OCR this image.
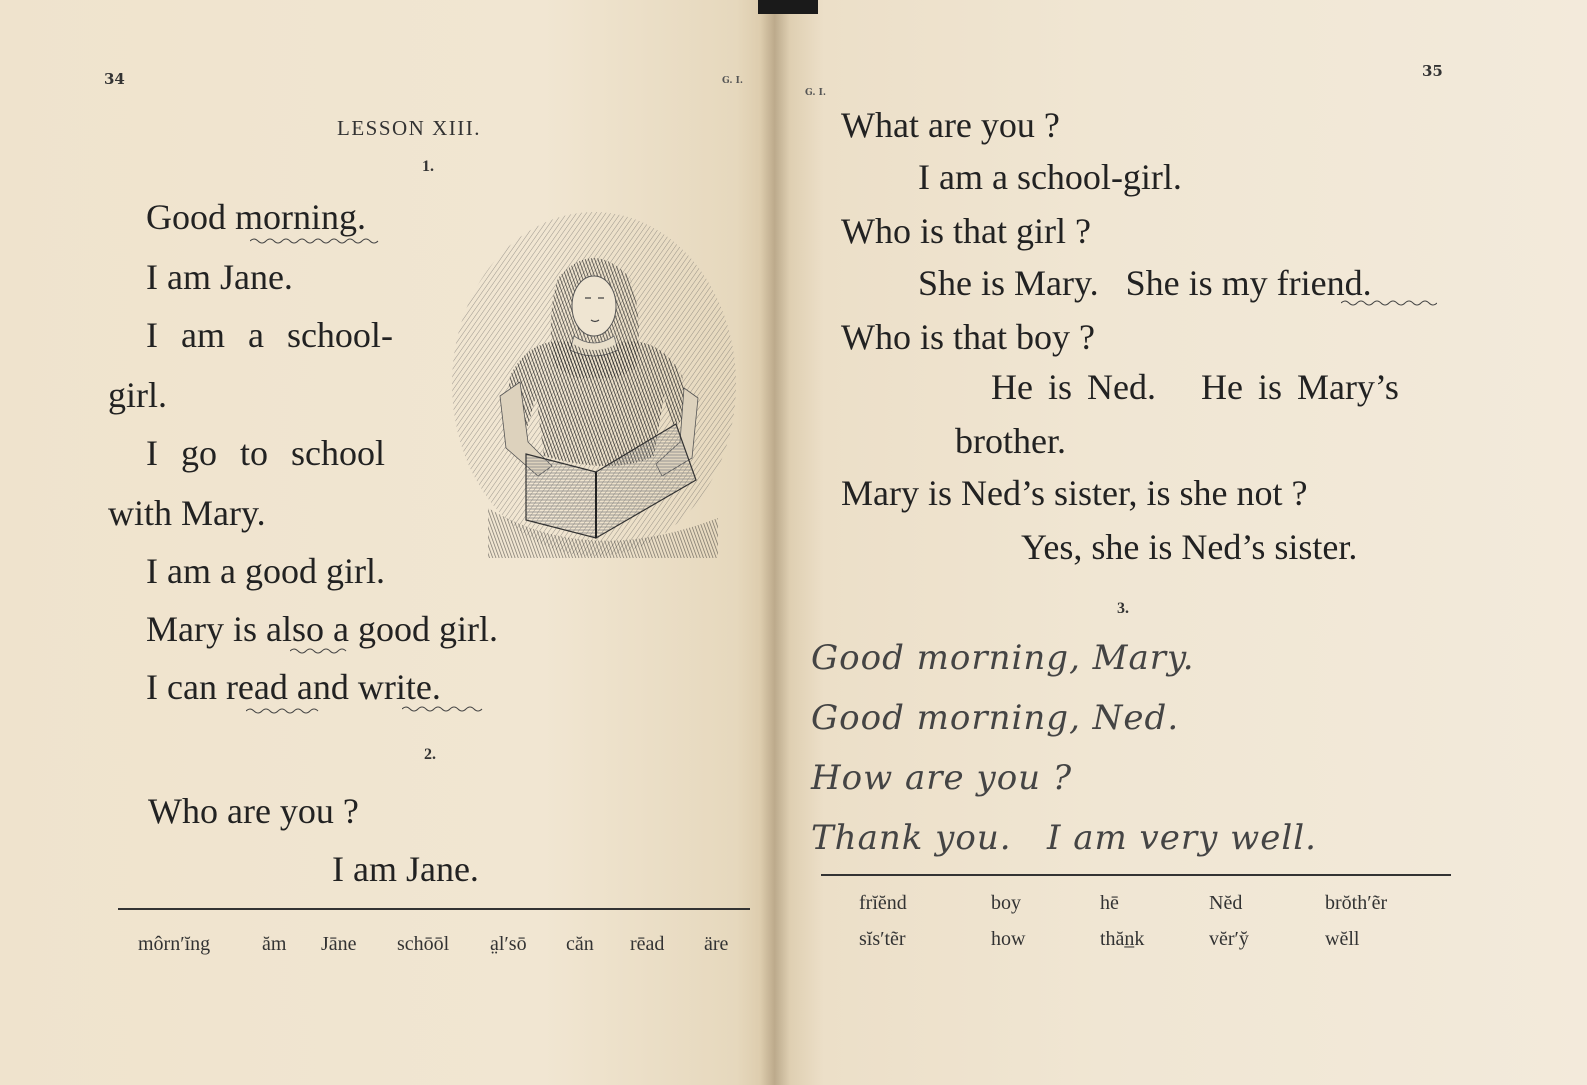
34	G. I.
LESSON XIII.
1.
Good morning.
I am Jane.
I am a school-
girl.
I go to school
with Mary.
I am a good girl.
Mary is also a good girl.
I can read and write.
2.
Who are you ?
I am Jane.
môrn′ĭng	ăm Jāne schōōl a̤l′sō căn rēad äre
35
G. I.
What are you ?
I am a school-girl.
Who is that girl ?
She is Mary.   She is my friend.
Who is that boy ?
He is Ned.   He is Mary’s
brother.
Mary is Ned’s sister, is she not ?
Yes, she is Ned’s sister.
3.
Good morning, Mary.
Good morning, Ned.
How are you ?
Thank you.   I am very well.
frĭĕnd	boy	hē	Nĕd	brŏth′ẽr
sĭs′tẽr	how	thăn̲k	vĕr′y̆	wĕll
